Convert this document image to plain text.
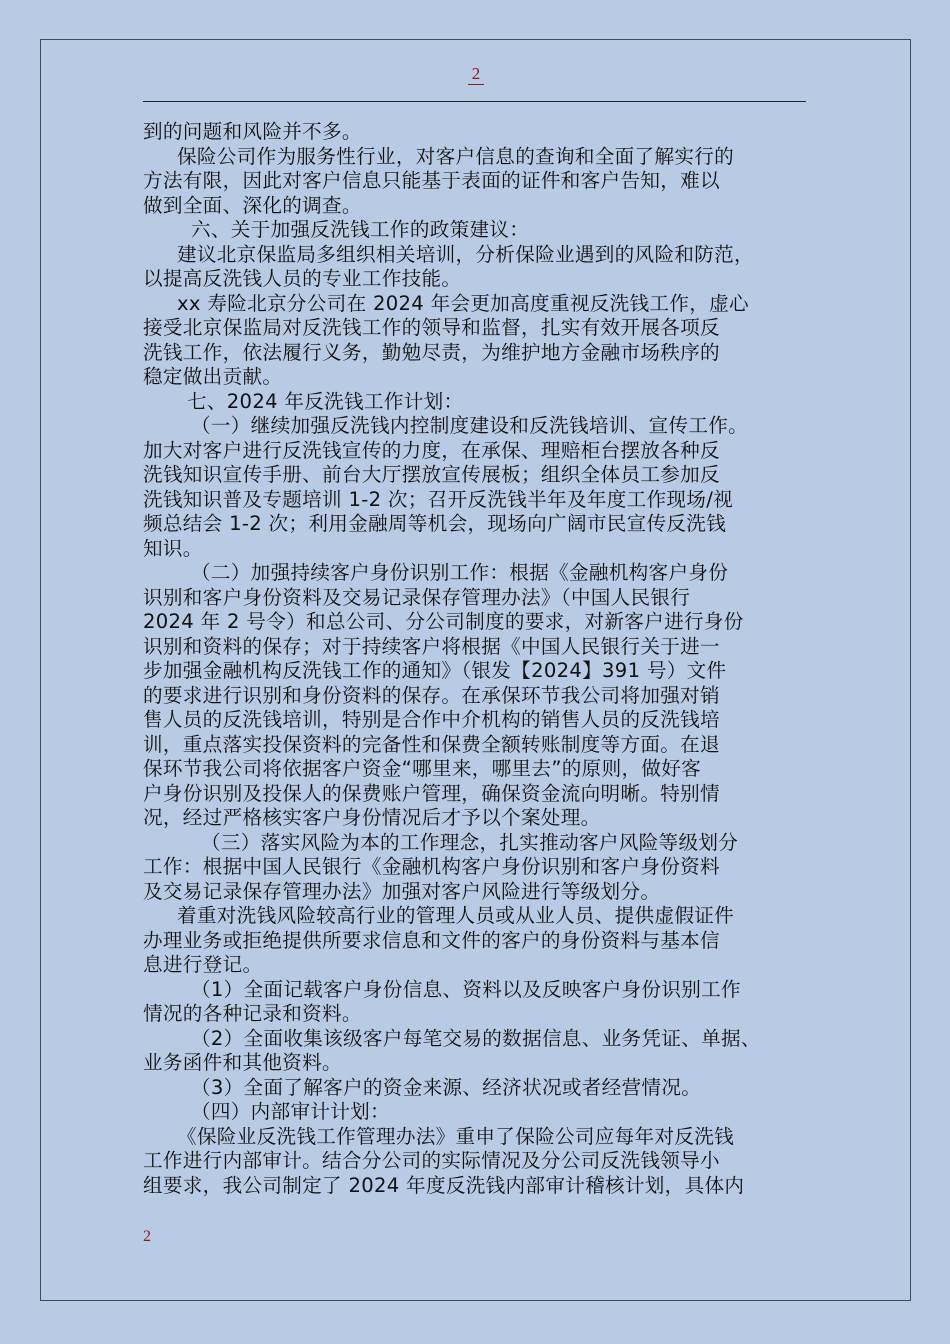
2
到的问题和风险并不多。
保险公司作为服务性行业，对客户信息的查询和全面了解实行的
方法有限，因此对客户信息只能基于表面的证件和客户告知，难以
做到全面、深化的调查。
六、关于加强反洗钱工作的政策建议：
建议北京保监局多组织相关培训，分析保险业遇到的风险和防范，
以提高反洗钱人员的专业工作技能。
xx 寿险北京分公司在 2024 年会更加高度重视反洗钱工作，虚心
接受北京保监局对反洗钱工作的领导和监督，扎实有效开展各项反
洗钱工作，依法履行义务，勤勉尽责，为维护地方金融市场秩序的
稳定做出贡献。
七、2024 年反洗钱工作计划：
（一）继续加强反洗钱内控制度建设和反洗钱培训、宣传工作。
加大对客户进行反洗钱宣传的力度，在承保、理赔柜台摆放各种反
洗钱知识宣传手册、前台大厅摆放宣传展板；组织全体员工参加反
洗钱知识普及专题培训 1-2 次；召开反洗钱半年及年度工作现场/视
频总结会 1-2 次；利用金融周等机会，现场向广阔市民宣传反洗钱
知识。
（二）加强持续客户身份识别工作：根据《金融机构客户身份
识别和客户身份资料及交易记录保存管理办法》（中国人民银行
2024 年 2 号令）和总公司、分公司制度的要求，对新客户进行身份
识别和资料的保存；对于持续客户将根据《中国人民银行关于进一
步加强金融机构反洗钱工作的通知》（银发【2024】391 号）文件
的要求进行识别和身份资料的保存。在承保环节我公司将加强对销
售人员的反洗钱培训，特别是合作中介机构的销售人员的反洗钱培
训，重点落实投保资料的完备性和保费全额转账制度等方面。在退
保环节我公司将依据客户资金“哪里来，哪里去”的原则，做好客
户身份识别及投保人的保费账户管理，确保资金流向明晰。特别情
况，经过严格核实客户身份情况后才予以个案处理。
（三）落实风险为本的工作理念，扎实推动客户风险等级划分
工作：根据中国人民银行《金融机构客户身份识别和客户身份资料
及交易记录保存管理办法》加强对客户风险进行等级划分。
着重对洗钱风险较高行业的管理人员或从业人员、提供虚假证件
办理业务或拒绝提供所要求信息和文件的客户的身份资料与基本信
息进行登记。
（1）全面记载客户身份信息、资料以及反映客户身份识别工作
情况的各种记录和资料。
（2）全面收集该级客户每笔交易的数据信息、业务凭证、单据、
业务函件和其他资料。
（3）全面了解客户的资金来源、经济状况或者经营情况。
（四）内部审计计划：
《保险业反洗钱工作管理办法》重申了保险公司应每年对反洗钱
工作进行内部审计。结合分公司的实际情况及分公司反洗钱领导小
组要求，我公司制定了 2024 年度反洗钱内部审计稽核计划，具体内
2
